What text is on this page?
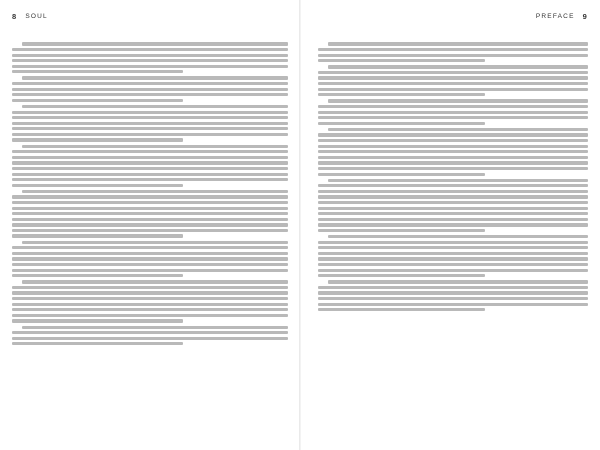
8 SOUL	PREFACE 9
